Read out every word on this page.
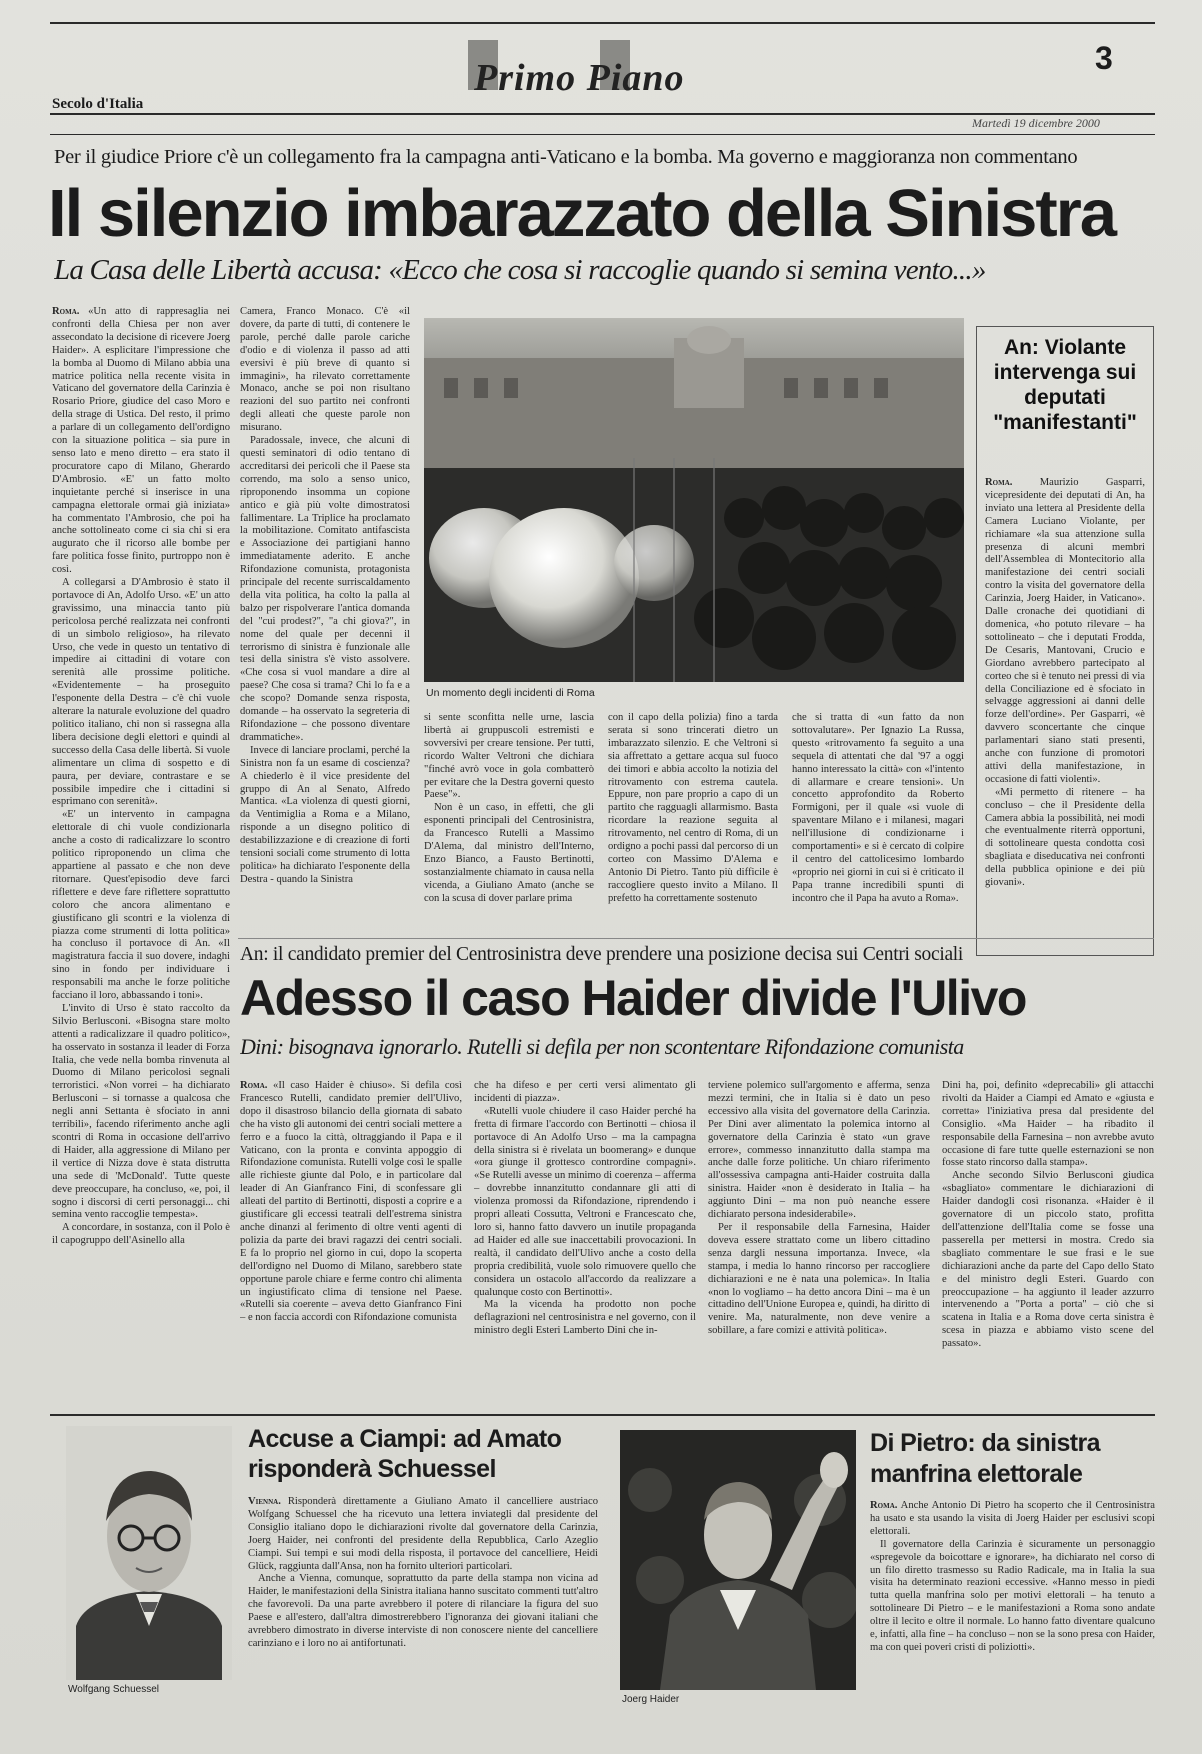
Primo Piano	3
Secolo d'Italia
Martedì 19 dicembre 2000
Per il giudice Priore c'è un collegamento fra la campagna anti-Vaticano e la bomba. Ma governo e maggioranza non commentano
Il silenzio imbarazzato della Sinistra
La Casa delle Libertà accusa: «Ecco che cosa si raccoglie quando si semina vento...»

Roma. «Un atto di rappresaglia nei confronti della Chiesa per non aver assecondato la decisione di ricevere Joerg Haider». A esplicitare l'impressione che la bomba al Duomo di Milano abbia una matrice politica nella recente visita in Vaticano del governatore della Carinzia è Rosario Priore, giudice del caso Moro e della strage di Ustica. Del resto, il primo a parlare di un collegamento dell'ordigno con la situazione politica – sia pure in senso lato e meno diretto – era stato il procuratore capo di Milano, Gherardo D'Ambrosio. «E' un fatto molto inquietante perché si inserisce in una campagna elettorale ormai già iniziata» ha commentato l'Ambrosio, che poi ha anche sottolineato come ci sia chi si era augurato che il ricorso alle bombe per fare politica fosse finito, purtroppo non è così.

A collegarsi a D'Ambrosio è stato il portavoce di An, Adolfo Urso. «E' un atto gravissimo, una minaccia tanto più pericolosa perché realizzata nei confronti di un simbolo religioso», ha rilevato Urso, che vede in questo un tentativo di impedire ai cittadini di votare con serenità alle prossime politiche. «Evidentemente – ha proseguito l'esponente della Destra – c'è chi vuole alterare la naturale evoluzione del quadro politico italiano, chi non si rassegna alla libera decisione degli elettori e quindi al successo della Casa delle libertà. Si vuole alimentare un clima di sospetto e di paura, per deviare, contrastare e se possibile impedire che i cittadini si esprimano con serenità».

«E' un intervento in campagna elettorale di chi vuole condizionarla anche a costo di radicalizzare lo scontro politico riproponendo un clima che appartiene al passato e che non deve ritornare. Quest'episodio deve farci riflettere e deve fare riflettere soprattutto coloro che ancora alimentano e giustificano gli scontri e la violenza di piazza come strumenti di lotta politica» ha concluso il portavoce di An. «Il magistratura faccia il suo dovere, indaghi sino in fondo per individuare i responsabili ma anche le forze politiche facciano il loro, abbassando i toni».

L'invito di Urso è stato raccolto da Silvio Berlusconi. «Bisogna stare molto attenti a radicalizzare il quadro politico», ha osservato in sostanza il leader di Forza Italia, che vede nella bomba rinvenuta al Duomo di Milano pericolosi segnali terroristici. «Non vorrei – ha dichiarato Berlusconi – si tornasse a qualcosa che negli anni Settanta è sfociato in anni terribili», facendo riferimento anche agli scontri di Roma in occasione dell'arrivo di Haider, alla aggressione di Milano per il vertice di Nizza dove è stata distrutta una sede di 'McDonald'. Tutte queste deve preoccupare, ha concluso, «e, poi, il sogno i discorsi di certi personaggi... chi semina vento raccoglie tempesta».

A concordare, in sostanza, con il Polo è il capogruppo dell'Asinello alla

Camera, Franco Monaco. C'è «il dovere, da parte di tutti, di contenere le parole, perché dalle parole cariche d'odio e di violenza il passo ad atti eversivi è più breve di quanto si immagini», ha rilevato correttamente Monaco, anche se poi non risultano reazioni del suo partito nei confronti degli alleati che queste parole non misurano.

Paradossale, invece, che alcuni di questi seminatori di odio tentano di accreditarsi dei pericoli che il Paese sta correndo, ma solo a senso unico, riproponendo insomma un copione antico e già più volte dimostratosi fallimentare. La Triplice ha proclamato la mobilitazione. Comitato antifascista e Associazione dei partigiani hanno immediatamente aderito. E anche Rifondazione comunista, protagonista principale del recente surriscaldamento della vita politica, ha colto la palla al balzo per rispolverare l'antica domanda del "cui prodest?", "a chi giova?", in nome del quale per decenni il terrorismo di sinistra è funzionale alle tesi della sinistra s'è visto assolvere. «Che cosa si vuol mandare a dire al paese? Che cosa si trama? Chi lo fa e a che scopo? Domande senza risposta, domande – ha osservato la segreteria di Rifondazione – che possono diventare drammatiche».

Invece di lanciare proclami, perché la Sinistra non fa un esame di coscienza? A chiederlo è il vice presidente del gruppo di An al Senato, Alfredo Mantica. «La violenza di questi giorni, da Ventimiglia a Roma e a Milano, risponde a un disegno politico di destabilizzazione e di creazione di forti tensioni sociali come strumento di lotta politica» ha dichiarato l'esponente della Destra - quando la Sinistra

Un momento degli incidenti di Roma

si sente sconfitta nelle urne, lascia libertà ai gruppuscoli estremisti e sovversivi per creare tensione. Per tutti, ricordo Walter Veltroni che dichiara "finché avrò voce in gola combatterò per evitare che la Destra governi questo Paese"».

Non è un caso, in effetti, che gli esponenti principali del Centrosinistra, da Francesco Rutelli a Massimo D'Alema, dal ministro dell'Interno, Enzo Bianco, a Fausto Bertinotti, sostanzialmente chiamato in causa nella vicenda, a Giuliano Amato (anche se con la scusa di dover parlare prima

con il capo della polizia) fino a tarda serata si sono trincerati dietro un imbarazzato silenzio. E che Veltroni si sia affrettato a gettare acqua sul fuoco dei timori e abbia accolto la notizia del ritrovamento con estrema cautela. Eppure, non pare proprio a capo di un partito che ragguagli allarmismo. Basta ricordare la reazione seguita al ritrovamento, nel centro di Roma, di un ordigno a pochi passi dal percorso di un corteo con Massimo D'Alema e Antonio Di Pietro. Tanto più difficile è raccogliere questo invito a Milano. Il prefetto ha correttamente sostenuto

che si tratta di «un fatto da non sottovalutare». Per Ignazio La Russa, questo «ritrovamento fa seguito a una sequela di attentati che dal '97 a oggi hanno interessato la città» con «l'intento di allarmare e creare tensioni». Un concetto approfondito da Roberto Formigoni, per il quale «si vuole di spaventare Milano e i milanesi, magari nell'illusione di condizionarne i comportamenti» e si è cercato di colpire il centro del cattolicesimo lombardo «proprio nei giorni in cui si è criticato il Papa tranne incredibili spunti di incontro che il Papa ha avuto a Roma».

An: Violante intervenga sui deputati "manifestanti"

Roma.	Maurizio Gasparri, vicepresidente dei deputati di An, ha inviato una lettera al Presidente della Camera Luciano Violante, per richiamare «la sua attenzione sulla presenza di alcuni membri dell'Assemblea di Montecitorio alla manifestazione dei centri sociali contro la visita del governatore della Carinzia, Joerg Haider, in Vaticano». Dalle cronache dei quotidiani di domenica, «ho potuto rilevare – ha sottolineato – che i deputati Frodda, De Cesaris, Mantovani, Crucio e Giordano avrebbero partecipato al corteo che si è tenuto nei pressi di via della Conciliazione ed è sfociato in selvagge aggressioni ai danni delle forze dell'ordine». Per Gasparri, «è davvero sconcertante che cinque parlamentari siano stati presenti, anche con funzione di promotori attivi della manifestazione, in occasione di fatti violenti».

«Mi permetto di ritenere – ha concluso – che il Presidente della Camera abbia la possibilità, nei modi che eventualmente riterrà opportuni, di sottolineare questa condotta così sbagliata e diseducativa nei confronti della pubblica opinione e dei più giovani».

An: il candidato premier del Centrosinistra deve prendere una posizione decisa sui Centri sociali
Adesso il caso Haider divide l'Ulivo
Dini: bisognava ignorarlo. Rutelli si defila per non scontentare Rifondazione comunista

Roma. «Il caso Haider è chiuso». Si defila così Francesco Rutelli, candidato premier dell'Ulivo, dopo il disastroso bilancio della giornata di sabato che ha visto gli autonomi dei centri sociali mettere a ferro e a fuoco la città, oltraggiando il Papa e il Vaticano, con la pronta e convinta appoggio di Rifondazione comunista. Rutelli volge così le spalle alle richieste giunte dal Polo, e in particolare dal leader di An Gianfranco Fini, di sconfessare gli alleati del partito di Bertinotti, disposti a coprire e a giustificare gli eccessi teatrali dell'estrema sinistra anche dinanzi al ferimento di oltre venti agenti di polizia da parte dei bravi ragazzi dei centri sociali. E fa lo proprio nel giorno in cui, dopo la scoperta dell'ordigno nel Duomo di Milano, sarebbero state opportune parole chiare e ferme contro chi alimenta un ingiustificato clima di tensione nel Paese. «Rutelli sia coerente – aveva detto Gianfranco Fini – e non faccia accordi con Rifondazione comunista

che ha difeso e per certi versi alimentato gli incidenti di piazza».

«Rutelli vuole chiudere il caso Haider perché ha fretta di firmare l'accordo con Bertinotti – chiosa il portavoce di An Adolfo Urso – ma la campagna della sinistra si è rivelata un boomerang» e dunque «ora giunge il grottesco contrordine compagni». «Se Rutelli avesse un minimo di coerenza – afferma – dovrebbe innanzitutto condannare gli atti di violenza promossi da Rifondazione, riprendendo i propri alleati Cossutta, Veltroni e Francescato che, loro sì, hanno fatto davvero un inutile propaganda ad Haider ed alle sue inaccettabili provocazioni. In realtà, il candidato dell'Ulivo anche a costo della propria credibilità, vuole solo rimuovere quello che considera un ostacolo all'accordo da realizzare a qualunque costo con Bertinotti».

Ma la vicenda ha prodotto non poche deflagrazioni nel centrosinistra e nel governo, con il ministro degli Esteri Lamberto Dini che in-

terviene polemico sull'argomento e afferma, senza mezzi termini, che in Italia si è dato un peso eccessivo alla visita del governatore della Carinzia. Per Dini aver alimentato la polemica intorno al governatore della Carinzia è stato «un grave errore», commesso innanzitutto dalla stampa ma anche dalle forze politiche. Un chiaro riferimento all'ossessiva campagna anti-Haider costruita dalla sinistra. Haider «non è desiderato in Italia – ha aggiunto Dini – ma non può neanche essere dichiarato persona indesiderabile».

Per il responsabile della Farnesina, Haider doveva essere strattato come un libero cittadino senza dargli nessuna importanza. Invece, «la stampa, i media lo hanno rincorso per raccogliere dichiarazioni e ne è nata una polemica». In Italia «non lo vogliamo – ha detto ancora Dini – ma è un cittadino dell'Unione Europea e, quindi, ha diritto di venire. Ma, naturalmente, non deve venire a sobillare, a fare comizi e attività politica».

Dini ha, poi, definito «deprecabili» gli attacchi rivolti da Haider a Ciampi ed Amato e «giusta e corretta» l'iniziativa presa dal presidente del Consiglio. «Ma Haider – ha ribadito il responsabile della Farnesina – non avrebbe avuto occasione di fare tutte quelle esternazioni se non fosse stato rincorso dalla stampa».

Anche secondo Silvio Berlusconi giudica «sbagliato» commentare le dichiarazioni di Haider dandogli così risonanza. «Haider è il governatore di un piccolo stato, profitta dell'attenzione dell'Italia come se fosse una passerella per mettersi in mostra. Credo sia sbagliato commentare le sue frasi e le sue dichiarazioni anche da parte del Capo dello Stato e del ministro degli Esteri. Guardo con preoccupazione – ha aggiunto il leader azzurro intervenendo a "Porta a porta" – ciò che si scatena in Italia e a Roma dove certa sinistra è scesa in piazza e abbiamo visto scene del passato».

Wolfgang Schuessel
Accuse a Ciampi: ad Amato risponderà Schuessel

Vienna. Risponderà direttamente a Giuliano Amato il cancelliere austriaco Wolfgang Schuessel che ha ricevuto una lettera inviategli dal presidente del Consiglio italiano dopo le dichiarazioni rivolte dal governatore della Carinzia, Joerg Haider, nei confronti del presidente della Repubblica, Carlo Azeglio Ciampi. Sui tempi e sui modi della risposta, il portavoce del cancelliere, Heidi Glück, raggiunta dall'Ansa, non ha fornito ulteriori particolari.

Anche a Vienna, comunque, soprattutto da parte della stampa non vicina ad Haider, le manifestazioni della Sinistra italiana hanno suscitato commenti tutt'altro che favorevoli. Da una parte avrebbero il potere di rilanciare la figura del suo Paese e all'estero, dall'altra dimostrerebbero l'ignoranza dei giovani italiani che avrebbero dimostrato in diverse interviste di non conoscere niente del cancelliere carinziano e i loro no ai antifortunati.

Joerg Haider
Di Pietro: da sinistra manfrina elettorale

Roma. Anche Antonio Di Pietro ha scoperto che il Centrosinistra ha usato e sta usando la visita di Joerg Haider per esclusivi scopi elettorali.

Il governatore della Carinzia è sicuramente un personaggio «spregevole da boicottare e ignorare», ha dichiarato nel corso di un filo diretto trasmesso su Radio Radicale, ma in Italia la sua visita ha determinato reazioni eccessive. «Hanno messo in piedi tutta quella manfrina solo per motivi elettorali – ha tenuto a sottolineare Di Pietro – e le manifestazioni a Roma sono andate oltre il lecito e oltre il normale. Lo hanno fatto diventare qualcuno e, infatti, alla fine – ha concluso – non se la sono presa con Haider, ma con quei poveri cristi di poliziotti».
